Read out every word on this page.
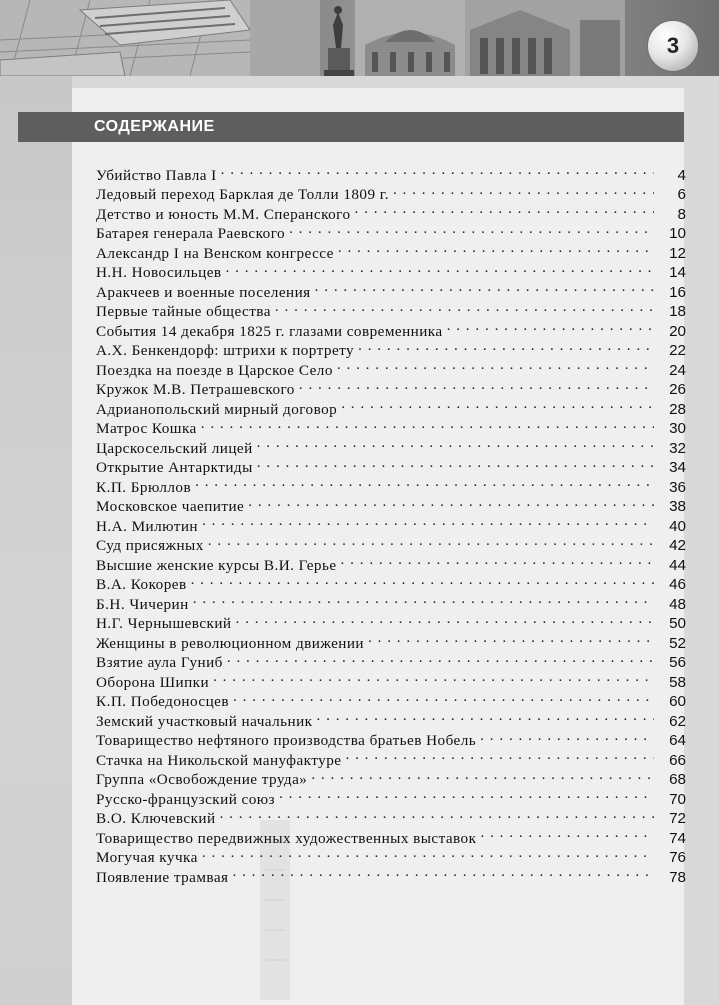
3
СОДЕРЖАНИЕ
Убийство Павла I . . .	4
Ледовый переход Барклая де Толли 1809 г. . . .	6
Детство и юность М.М. Сперанского . . .	8
Батарея генерала Раевского . . .	10
Александр I на Венском конгрессе . . .	12
Н.Н. Новосильцев . . .	14
Аракчеев и военные поселения . . .	16
Первые тайные общества . . .	18
События 14 декабря 1825 г. глазами современника . . .	20
А.Х. Бенкендорф: штрихи к портрету . . .	22
Поездка на поезде в Царское Село . . .	24
Кружок М.В. Петрашевского . . .	26
Адрианопольский мирный договор . . .	28
Матрос Кошка . . .	30
Царскосельский лицей . . .	32
Открытие Антарктиды . . .	34
К.П. Брюллов . . .	36
Московское чаепитие . . .	38
Н.А. Милютин . . .	40
Суд присяжных . . .	42
Высшие женские курсы В.И. Герье . . .	44
В.А. Кокорев . . .	46
Б.Н. Чичерин . . .	48
Н.Г. Чернышевский . . .	50
Женщины в революционном движении . . .	52
Взятие аула Гуниб . . .	56
Оборона Шипки . . .	58
К.П. Победоносцев . . .	60
Земский участковый начальник . . .	62
Товарищество нефтяного производства братьев Нобель . . .	64
Стачка на Никольской мануфактуре . . .	66
Группа «Освобождение труда» . . .	68
Русско-французский союз . . .	70
В.О. Ключевский . . .	72
Товарищество передвижных художественных выставок . . .	74
Могучая кучка . . .	76
Появление трамвая . . .	78
